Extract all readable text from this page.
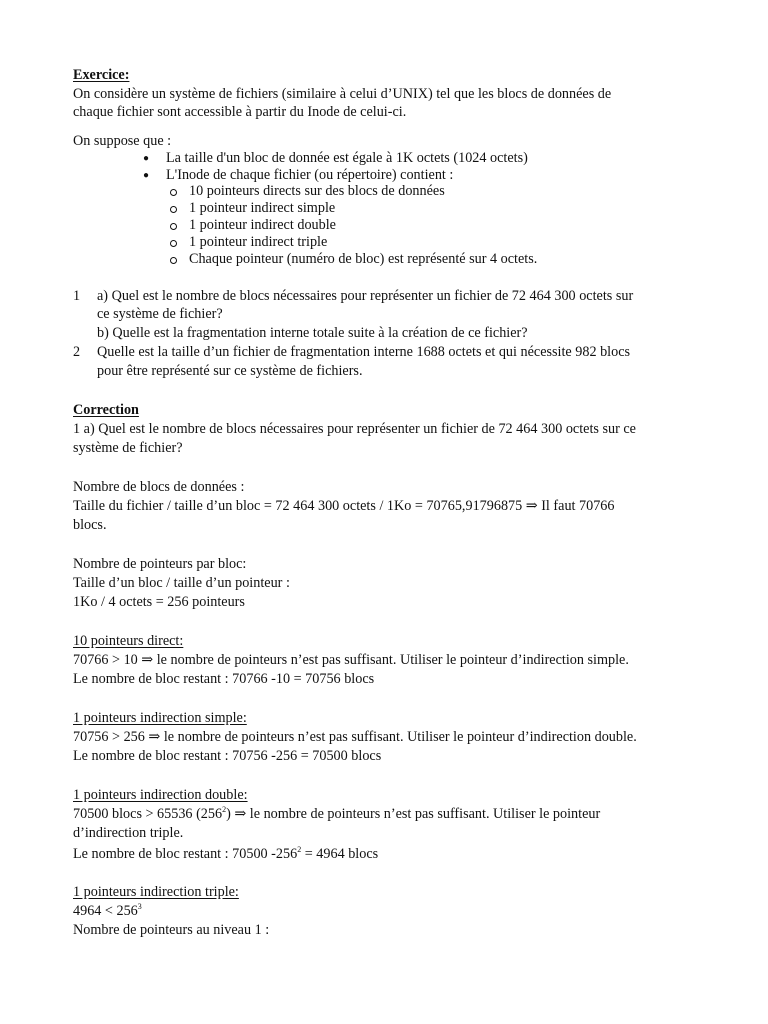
Exercice:
On considère un système de fichiers (similaire à celui d’UNIX) tel que les blocs de données de
chaque fichier sont accessible à partir du Inode de celui-ci.
On suppose que :
● La taille d'un bloc de donnée est égale à 1K octets (1024 octets)
● L'Inode de chaque fichier (ou répertoire) contient :
10 pointeurs directs sur des blocs de données
1 pointeur indirect simple
1 pointeur indirect double
1 pointeur indirect triple
Chaque pointeur (numéro de bloc) est représenté sur 4 octets.
1 a) Quel est le nombre de blocs nécessaires pour représenter un fichier de 72 464 300 octets sur
ce système de fichier?
b) Quelle est la fragmentation interne totale suite à la création de ce fichier?
2 Quelle est la taille d’un fichier de fragmentation interne 1688 octets et qui nécessite 982 blocs
pour être représenté sur ce système de fichiers.
Correction
1 a) Quel est le nombre de blocs nécessaires pour représenter un fichier de 72 464 300 octets sur ce
système de fichier?
Nombre de blocs de données :
Taille du fichier / taille d’un bloc = 72 464 300 octets / 1Ko = 70765,91796875 ⇒ Il faut 70766
blocs.
Nombre de pointeurs par bloc:
Taille d’un bloc / taille d’un pointeur :
1Ko / 4 octets = 256 pointeurs
10 pointeurs direct:
70766 > 10 ⇒ le nombre de pointeurs n’est pas suffisant. Utiliser le pointeur d’indirection simple.
Le nombre de bloc restant : 70766 -10 = 70756 blocs
1 pointeurs indirection simple:
70756 > 256 ⇒ le nombre de pointeurs n’est pas suffisant. Utiliser le pointeur d’indirection double.
Le nombre de bloc restant : 70756 -256 = 70500 blocs
1 pointeurs indirection double:
70500 blocs > 65536 $(256^2)$ ⇒ le nombre de pointeurs n’est pas suffisant. Utiliser le pointeur
d’indirection triple.
Le nombre de bloc restant : 70500 $-256^2 = 4964$ blocs
1 pointeurs indirection triple:
$4964 < 256^3$
Nombre de pointeurs au niveau 1 :
